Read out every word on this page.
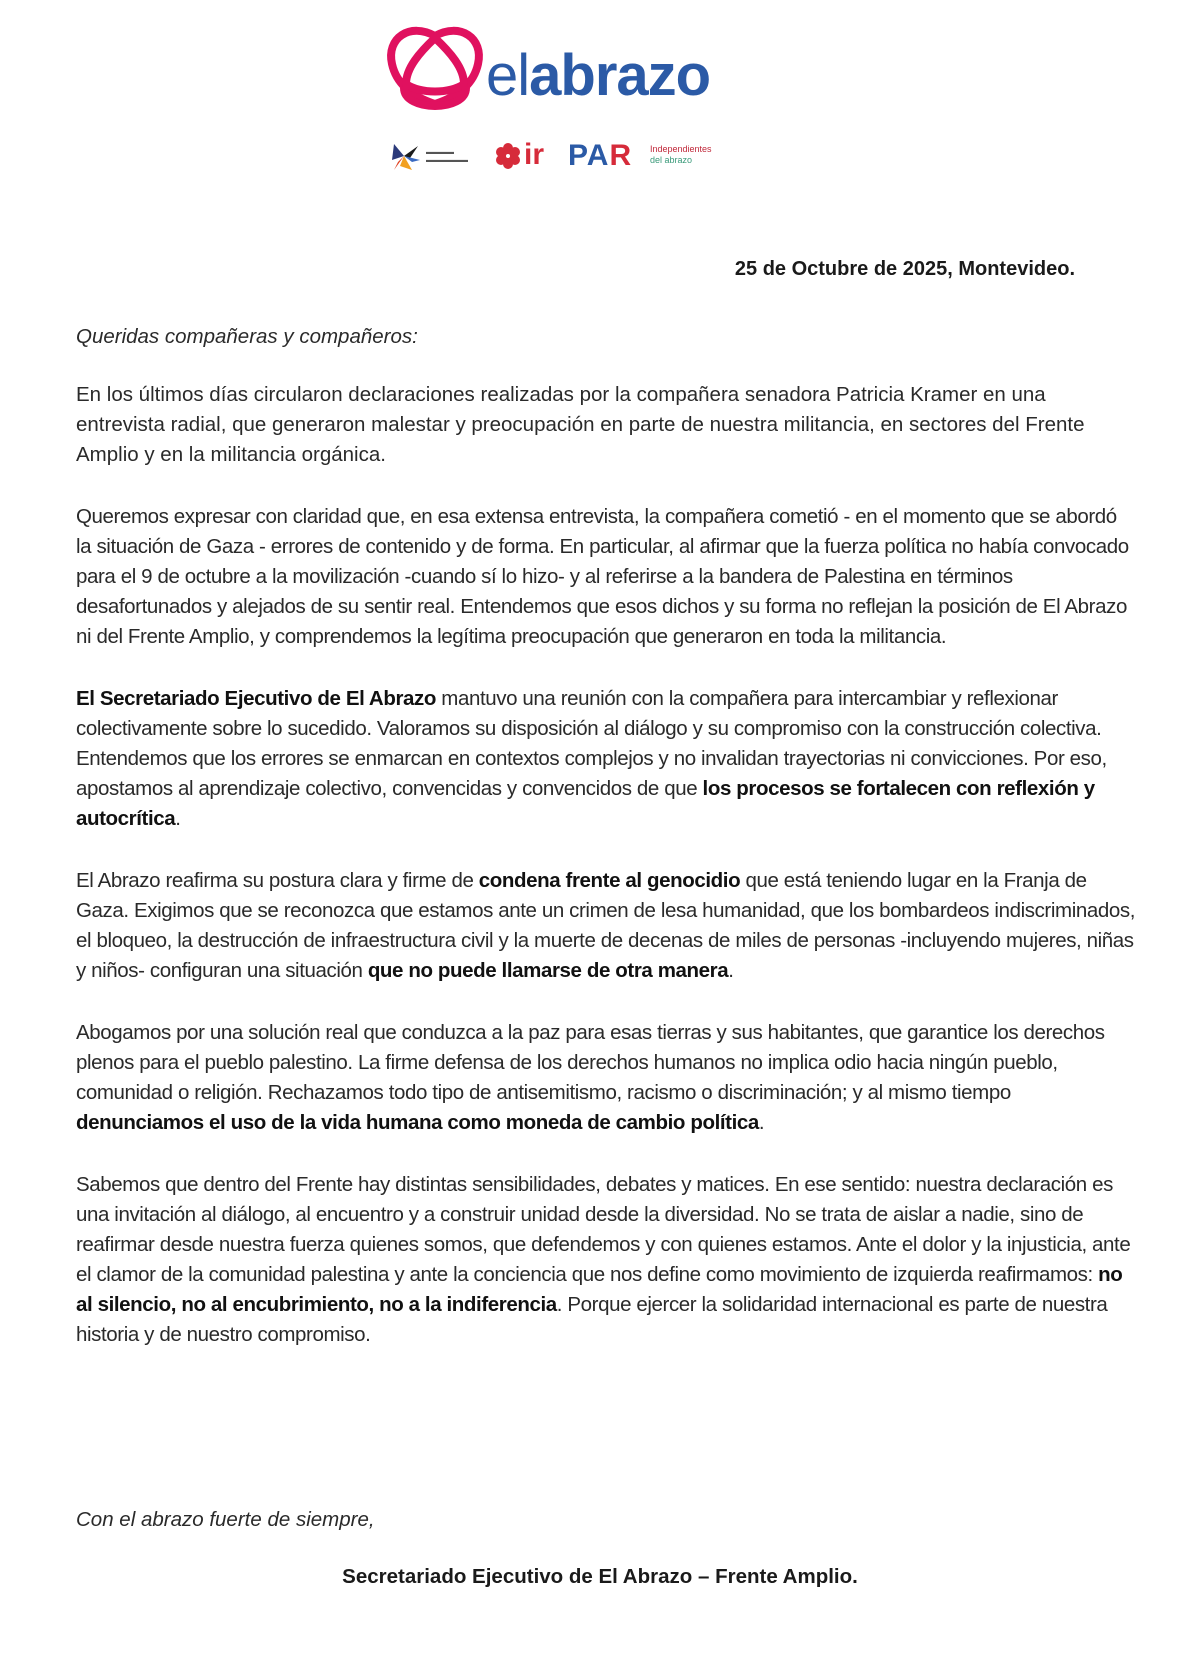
elabrazo
▬▬▬▬
▬▬▬▬▬▬ ir PAR Independientes
del abrazo
25 de Octubre de 2025, Montevideo.

Queridas compañeras y compañeros:

En los últimos días circularon declaraciones realizadas por la compañera senadora Patricia Kramer en una entrevista radial, que generaron malestar y preocupación en parte de nuestra militancia, en sectores del Frente Amplio y en la militancia orgánica.

Queremos expresar con claridad que, en esa extensa entrevista, la compañera cometió - en el momento que se abordó la situación de Gaza - errores de contenido y de forma. En particular, al afirmar que la fuerza política no había convocado para el 9 de octubre a la movilización -cuando sí lo hizo- y al referirse a la bandera de Palestina en términos desafortunados y alejados de su sentir real. Entendemos que esos dichos y su forma no reflejan la posición de El Abrazo ni del Frente Amplio, y comprendemos la legítima preocupación que generaron en toda la militancia.

El Secretariado Ejecutivo de El Abrazo mantuvo una reunión con la compañera para intercambiar y reflexionar colectivamente sobre lo sucedido. Valoramos su disposición al diálogo y su compromiso con la construcción colectiva. Entendemos que los errores se enmarcan en contextos complejos y no invalidan trayectorias ni convicciones. Por eso, apostamos al aprendizaje colectivo, convencidas y convencidos de que los procesos se fortalecen con reflexión y autocrítica.

El Abrazo reafirma su postura clara y firme de condena frente al genocidio que está teniendo lugar en la Franja de Gaza. Exigimos que se reconozca que estamos ante un crimen de lesa humanidad, que los bombardeos indiscriminados, el bloqueo, la destrucción de infraestructura civil y la muerte de decenas de miles de personas -incluyendo mujeres, niñas y niños- configuran una situación que no puede llamarse de otra manera.

Abogamos por una solución real que conduzca a la paz para esas tierras y sus habitantes, que garantice los derechos plenos para el pueblo palestino. La firme defensa de los derechos humanos no implica odio hacia ningún pueblo, comunidad o religión. Rechazamos todo tipo de antisemitismo, racismo o discriminación; y al mismo tiempo denunciamos el uso de la vida humana como moneda de cambio política.

Sabemos que dentro del Frente hay distintas sensibilidades, debates y matices. En ese sentido: nuestra declaración es una invitación al diálogo, al encuentro y a construir unidad desde la diversidad. No se trata de aislar a nadie, sino de reafirmar desde nuestra fuerza quienes somos, que defendemos y con quienes estamos. Ante el dolor y la injusticia, ante el clamor de la comunidad palestina y ante la conciencia que nos define como movimiento de izquierda reafirmamos: no al silencio, no al encubrimiento, no a la indiferencia. Porque ejercer la solidaridad internacional es parte de nuestra historia y de nuestro compromiso.

Con el abrazo fuerte de siempre,
Secretariado Ejecutivo de El Abrazo – Frente Amplio.
